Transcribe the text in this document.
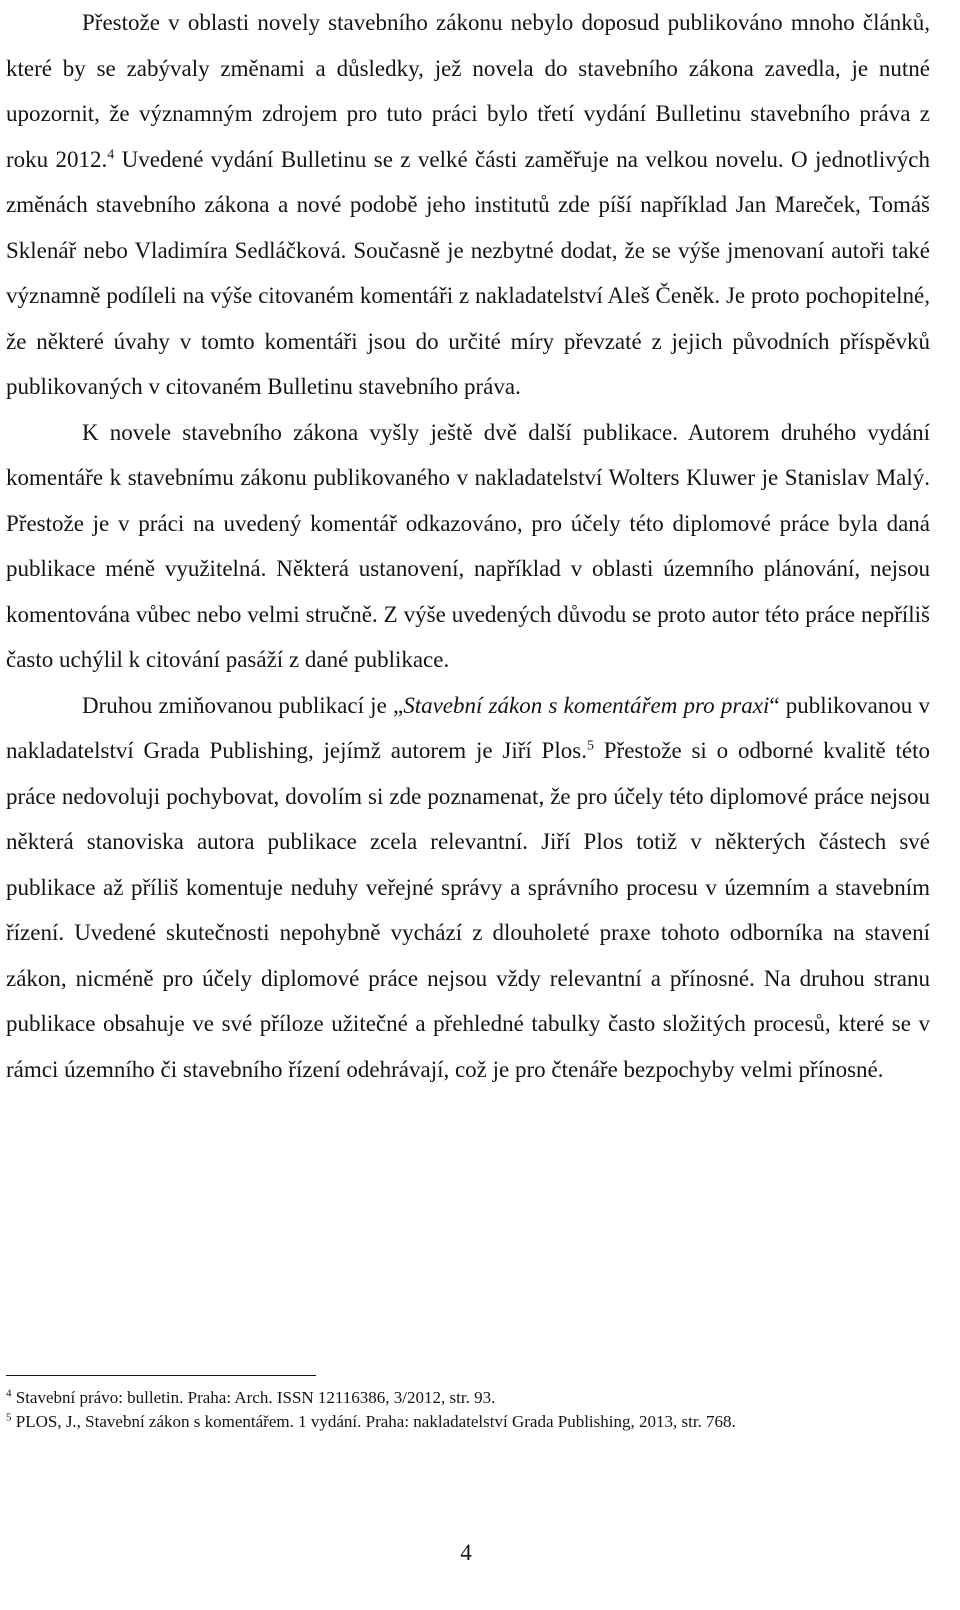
Přestože v oblasti novely stavebního zákonu nebylo doposud publikováno mnoho článků, které by se zabývaly změnami a důsledky, jež novela do stavebního zákona zavedla, je nutné upozornit, že významným zdrojem pro tuto práci bylo třetí vydání Bulletinu stavebního práva z roku 2012.$^4$ Uvedené vydání Bulletinu se z velké části zaměřuje na velkou novelu. O jednotlivých změnách stavebního zákona a nové podobě jeho institutů zde píší například Jan Mareček, Tomáš Sklenář nebo Vladimíra Sedláčková. Současně je nezbytné dodat, že se výše jmenovaní autoři také významně podíleli na výše citovaném komentáři z nakladatelství Aleš Čeněk. Je proto pochopitelné, že některé úvahy v tomto komentáři jsou do určité míry převzaté z jejich původních příspěvků publikovaných v citovaném Bulletinu stavebního práva.

K novele stavebního zákona vyšly ještě dvě další publikace. Autorem druhého vydání komentáře k stavebnímu zákonu publikovaného v nakladatelství Wolters Kluwer je Stanislav Malý. Přestože je v práci na uvedený komentář odkazováno, pro účely této diplomové práce byla daná publikace méně využitelná. Některá ustanovení, například v oblasti územního plánování, nejsou komentována vůbec nebo velmi stručně. Z výše uvedených důvodu se proto autor této práce nepříliš často uchýlil k citování pasáží z dané publikace.

Druhou zmiňovanou publikací je „Stavební zákon s komentářem pro praxi“ publikovanou v nakladatelství Grada Publishing, jejímž autorem je Jiří Plos.$^5$ Přestože si o odborné kvalitě této práce nedovoluji pochybovat, dovolím si zde poznamenat, že pro účely této diplomové práce nejsou některá stanoviska autora publikace zcela relevantní. Jiří Plos totiž v některých částech své publikace až příliš komentuje neduhy veřejné správy a správního procesu v územním a stavebním řízení. Uvedené skutečnosti nepohybně vychází z dlouholeté praxe tohoto odborníka na stavení zákon, nicméně pro účely diplomové práce nejsou vždy relevantní a přínosné. Na druhou stranu publikace obsahuje ve své příloze užitečné a přehledné tabulky často složitých procesů, které se v rámci územního či stavebního řízení odehrávají, což je pro čtenáře bezpochyby velmi přínosné.

$^4$ Stavební právo: bulletin. Praha: Arch. ISSN 12116386, 3/2012, str. 93.
$^5$ PLOS, J., Stavební zákon s komentářem. 1 vydání. Praha: nakladatelství Grada Publishing, 2013, str. 768.
4
